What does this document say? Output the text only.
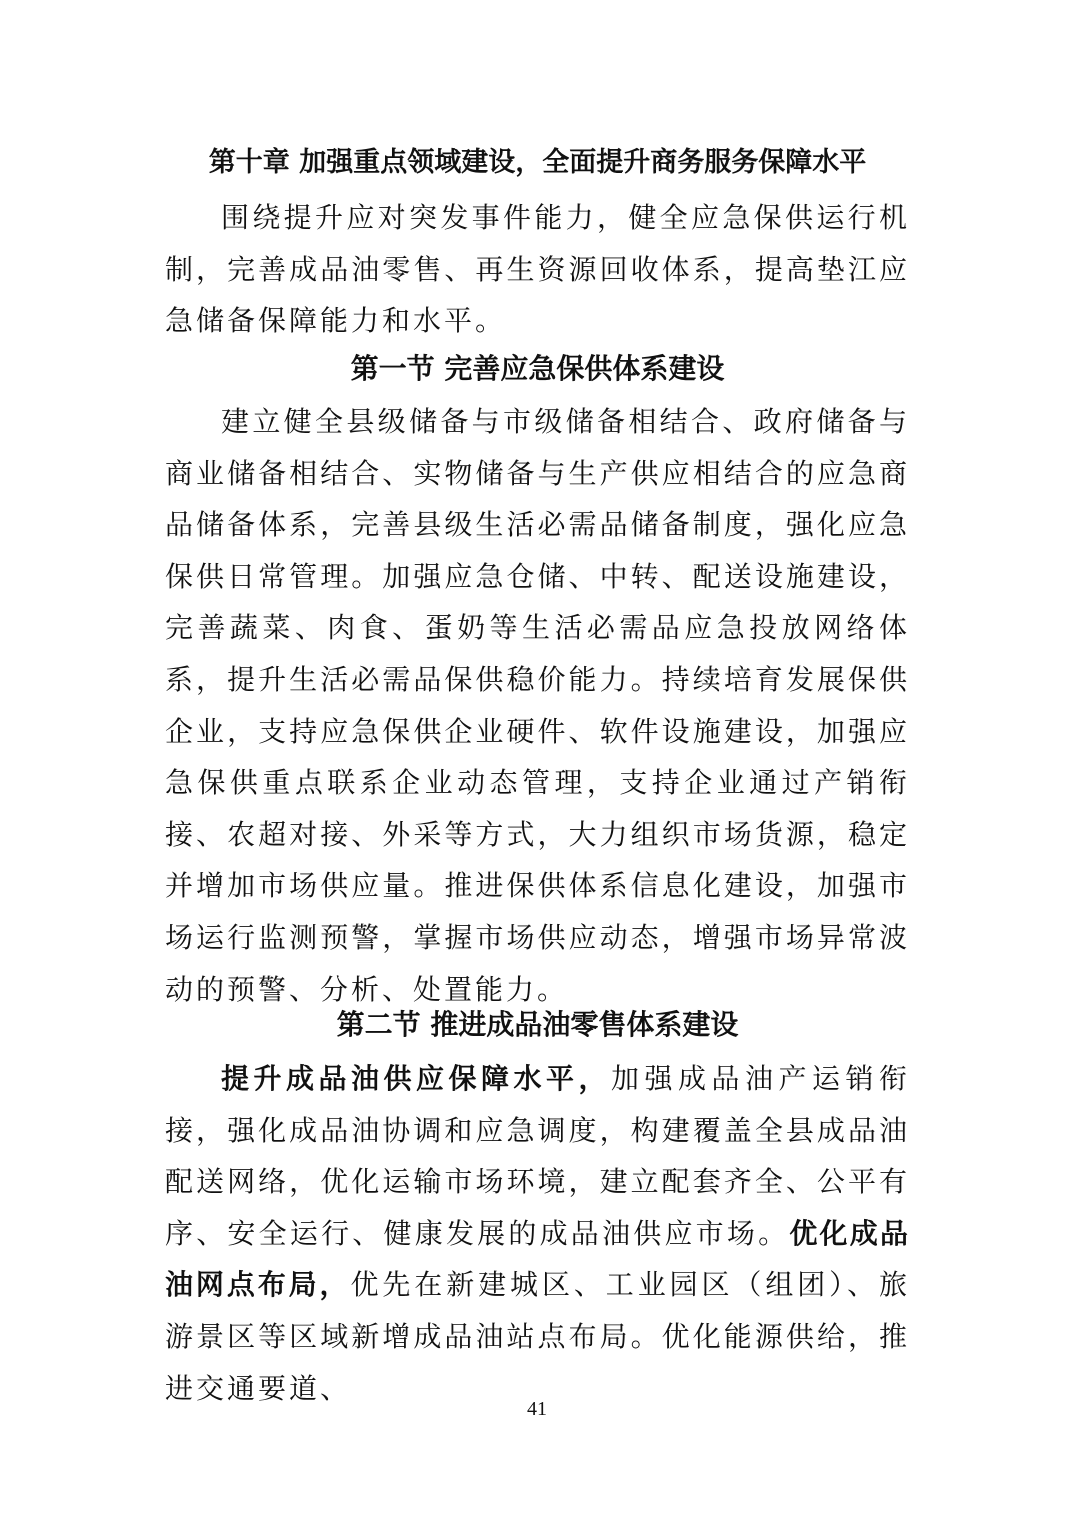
第十章 加强重点领域建设，全面提升商务服务保障水平

围绕提升应对突发事件能力，健全应急保供运行机制，完善成品油零售、再生资源回收体系，提高垫江应急储备保障能力和水平。

第一节 完善应急保供体系建设

建立健全县级储备与市级储备相结合、政府储备与商业储备相结合、实物储备与生产供应相结合的应急商品储备体系，完善县级生活必需品储备制度，强化应急保供日常管理。加强应急仓储、中转、配送设施建设，完善蔬菜、肉食、蛋奶等生活必需品应急投放网络体系，提升生活必需品保供稳价能力。持续培育发展保供企业，支持应急保供企业硬件、软件设施建设，加强应急保供重点联系企业动态管理，支持企业通过产销衔接、农超对接、外采等方式，大力组织市场货源，稳定并增加市场供应量。推进保供体系信息化建设，加强市场运行监测预警，掌握市场供应动态，增强市场异常波动的预警、分析、处置能力。

第二节 推进成品油零售体系建设

提升成品油供应保障水平，加强成品油产运销衔接，强化成品油协调和应急调度，构建覆盖全县成品油配送网络，优化运输市场环境，建立配套齐全、公平有序、安全运行、健康发展的成品油供应市场。优化成品油网点布局，优先在新建城区、工业园区（组团）、旅游景区等区域新增成品油站点布局。优化能源供给，推进交通要道、

41
